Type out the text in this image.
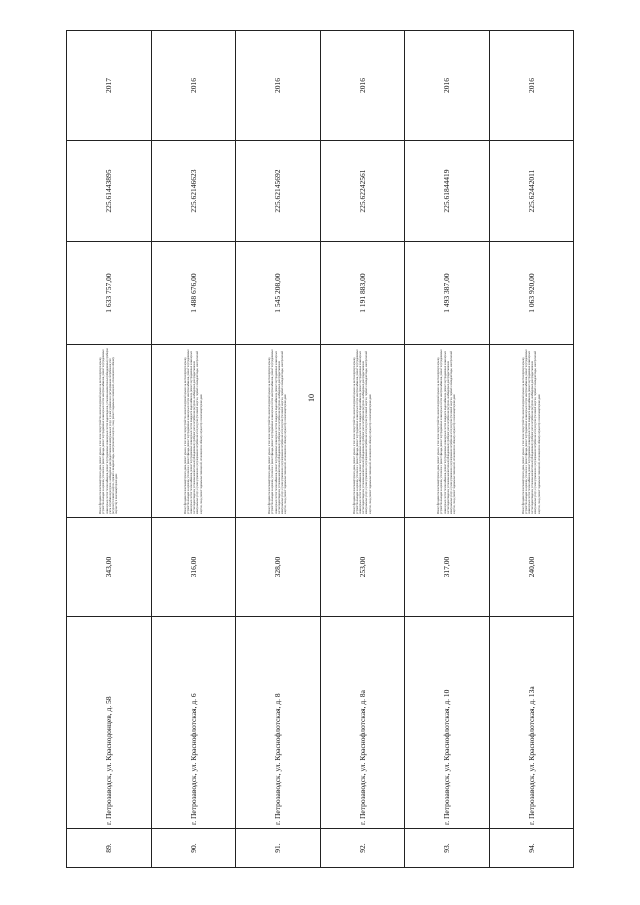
10
89.	г. Петрозаводск, ул. Краснодонцев, д. 58	343,00	Ремонт фундамента многоквартирного дома, ремонт крыши, в том числе переустройство невентилируемой крыши на вентилируемую крышу, устройство выходов на кровлю, утепление и ремонт фасада, ремонт внутридомовых инженерных систем электроснабжения, ремонт внутридомовых инженерных систем теплоснабжения, ремонт внутридомовых инженерных систем водоотведения, установка коллективных (общедомовых) приборов учета потребления ресурсов, необходимых для предоставления коммунальных услуг, и узлов управления и регулирования потребления этих ресурсов (тепловой энергии, горячей и холодной воды, электрической энергии, газа), ремонт подвальных помещений, относящихся к общему имуществу в многоквартирном доме	1 633 757,00	225.61443895	2017
90.	г. Петрозаводск, ул. Краснофлотская, д. 6	316,00	Ремонт фундамента многоквартирного дома, ремонт крыши, в том числе переустройство невентилируемой крыши на вентилируемую крышу, устройство выходов на кровлю, утепление и ремонт фасада, ремонт внутридомовых инженерных систем электроснабжения, ремонт внутридомовых инженерных систем теплоснабжения, ремонт внутридомовых инженерных систем холодного водоснабжения, ремонт внутридомовых инженерных систем водоотведения, установка коллективных (общедомовых) приборов учета потребления ресурсов, необходимых для предоставления коммунальных услуг, и узлов управления и регулирования потребления этих ресурсов (тепловой энергии, горячей и холодной воды, электрической энергии, газа), ремонт подвальных помещений, относящихся к общему имуществу в многоквартирном доме	1 488 676,00	225.62146623	2016
91.	г. Петрозаводск, ул. Краснофлотская, д. 8	328,00	Ремонт фундамента многоквартирного дома, ремонт крыши, в том числе переустройство невентилируемой крыши на вентилируемую крышу, устройство выходов на кровлю, утепление и ремонт фасада, ремонт внутридомовых инженерных систем электроснабжения, ремонт внутридомовых инженерных систем теплоснабжения, ремонт внутридомовых инженерных систем холодного водоснабжения, ремонт внутридомовых инженерных систем водоотведения, установка коллективных (общедомовых) приборов учета потребления ресурсов, необходимых для предоставления коммунальных услуг, и узлов управления и регулирования потребления этих ресурсов (тепловой энергии, горячей и холодной воды, электрической энергии, газа), ремонт подвальных помещений, относящихся к общему имуществу в многоквартирном доме	1 545 208,00	225.62145692	2016
92.	г. Петрозаводск, ул. Краснофлотская, д. 8а	253,00	Ремонт фундамента многоквартирного дома, ремонт крыши, в том числе переустройство невентилируемой крыши на вентилируемую крышу, устройство выходов на кровлю, утепление и ремонт фасада, ремонт внутридомовых инженерных систем электроснабжения, ремонт внутридомовых инженерных систем теплоснабжения, ремонт внутридомовых инженерных систем холодного водоснабжения, ремонт внутридомовых инженерных систем водоотведения, установка коллективных (общедомовых) приборов учета потребления ресурсов, необходимых для предоставления коммунальных услуг, и узлов управления и регулирования потребления этих ресурсов (тепловой энергии, горячей и холодной воды, электрической энергии, газа), ремонт подвальных помещений, относящихся к общему имуществу в многоквартирном доме	1 191 883,00	225.62242561	2016
93.	г. Петрозаводск, ул. Краснофлотская, д. 10	317,00	Ремонт фундамента многоквартирного дома, ремонт крыши, в том числе переустройство невентилируемой крыши на вентилируемую крышу, устройство выходов на кровлю, утепление и ремонт фасада, ремонт внутридомовых инженерных систем электроснабжения, ремонт внутридомовых инженерных систем теплоснабжения, ремонт внутридомовых инженерных систем холодного водоснабжения, ремонт внутридомовых инженерных систем водоотведения, установка коллективных (общедомовых) приборов учета потребления ресурсов, необходимых для предоставления коммунальных услуг, и узлов управления и регулирования потребления этих ресурсов (тепловой энергии, горячей и холодной воды, электрической энергии, газа), ремонт подвальных помещений, относящихся к общему имуществу в многоквартирном доме	1 493 387,00	225.61844419	2016
94.	г. Петрозаводск, ул. Краснофлотская, д. 13а	240,00	Ремонт фундамента многоквартирного дома, ремонт крыши, в том числе переустройство невентилируемой крыши на вентилируемую крышу, устройство выходов на кровлю, утепление и ремонт фасада, ремонт внутридомовых инженерных систем электроснабжения, ремонт внутридомовых инженерных систем теплоснабжения, ремонт внутридомовых инженерных систем холодного водоснабжения, ремонт внутридомовых инженерных систем водоотведения, установка коллективных (общедомовых) приборов учета потребления ресурсов, необходимых для предоставления коммунальных услуг, и узлов управления и регулирования потребления этих ресурсов (тепловой энергии, горячей и холодной воды, электрической энергии, газа), ремонт подвальных помещений, относящихся к общему имуществу в многоквартирном доме	1 063 920,00	225.62442011	2016
